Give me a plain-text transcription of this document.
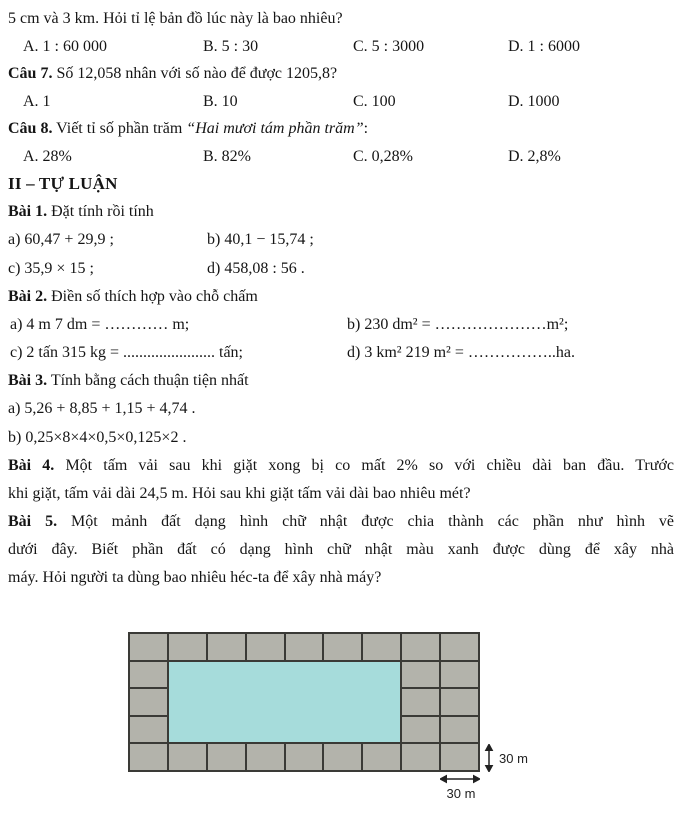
5 cm và 3 km. Hỏi tỉ lệ bản đồ lúc này là bao nhiêu?
A. 1 : 60 000	B. 5 : 30	C. 5 : 3000	D. 1 : 6000
Câu 7. Số 12,058 nhân với số nào để được 1205,8?
A. 1	B. 10	C. 100	D. 1000
Câu 8. Viết tỉ số phần trăm “Hai mươi tám phần trăm”:
A. 28%	B. 82%	C. 0,28%	D. 2,8%
II – TỰ LUẬN
Bài 1. Đặt tính rồi tính
a) 60,47 + 29,9 ;	b) 40,1 − 15,74 ;
c) 35,9 × 15 ;	d) 458,08 : 56 .
Bài 2. Điền số thích hợp vào chỗ chấm
a) 4 m 7 dm = ………… m;	b) 230 dm² = …………………m²;
c) 2 tấn 315 kg = ....................... tấn;	d) 3 km² 219 m² = ……………..ha.
Bài 3. Tính bằng cách thuận tiện nhất
a) 5,26 + 8,85 + 1,15 + 4,74 .
b) 0,25×8×4×0,5×0,125×2 .
Bài 4. Một tấm vải sau khi giặt xong bị co mất 2% so với chiều dài ban đầu. Trước
khi giặt, tấm vải dài 24,5 m. Hỏi sau khi giặt tấm vải dài bao nhiêu mét?
Bài 5. Một mảnh đất dạng hình chữ nhật được chia thành các phần như hình vẽ
dưới đây. Biết phần đất có dạng hình chữ nhật màu xanh được dùng để xây nhà
máy. Hỏi người ta dùng bao nhiêu héc-ta để xây nhà máy?
30 m
30 m
